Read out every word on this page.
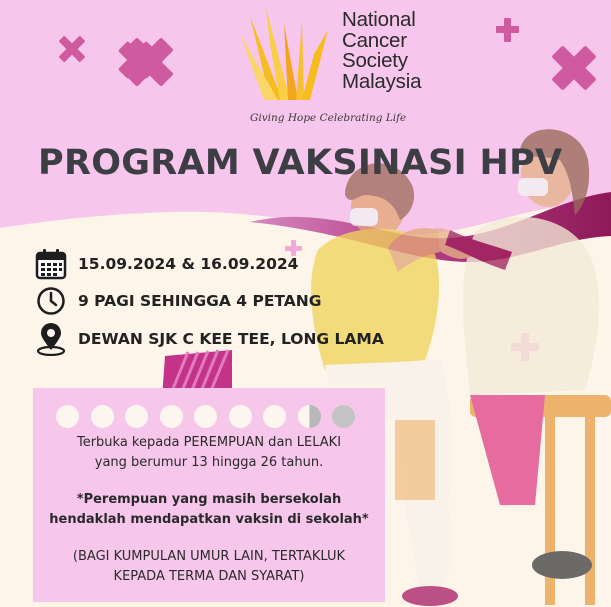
National
Cancer
Society
Malaysia
Giving Hope Celebrating Life
PROGRAM VAKSINASI HPV
15.09.2024 & 16.09.2024
9 PAGI SEHINGGA 4 PETANG
DEWAN SJK C KEE TEE, LONG LAMA
Terbuka kepada PEREMPUAN dan LELAKI
yang berumur 13 hingga 26 tahun.
*Perempuan yang masih bersekolah
hendaklah mendapatkan vaksin di sekolah*
(BAGI KUMPULAN UMUR LAIN, TERTAKLUK
KEPADA TERMA DAN SYARAT)
